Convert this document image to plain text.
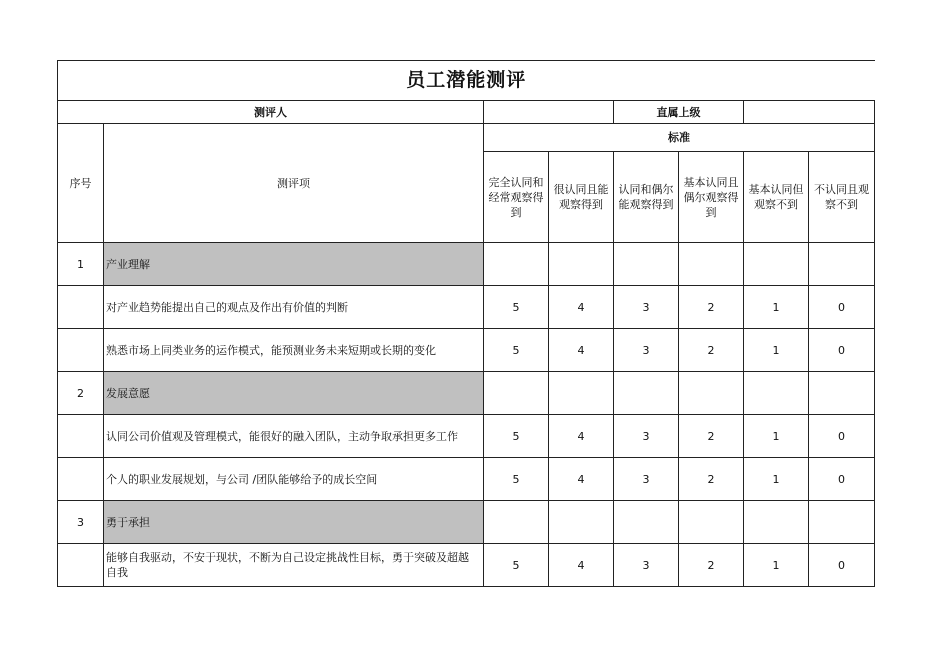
员工潜能测评							
测评人				直属上级			
序号	测评项	标准					
		完全认同和经常观察得到	很认同且能观察得到	认同和偶尔能观察得到	基本认同且偶尔观察得到	基本认同但观察不到	不认同且观察不到
1	产业理解						
	对产业趋势能提出自己的观点及作出有价值的判断	5	4	3	2	1	0
	熟悉市场上同类业务的运作模式，能预测业务未来短期或长期的变化	5	4	3	2	1	0
2	发展意愿						
	认同公司价值观及管理模式，能很好的融入团队，主动争取承担更多工作	5	4	3	2	1	0
	个人的职业发展规划，与公司 /团队能够给予的成长空间	5	4	3	2	1	0
3	勇于承担						
	能够自我驱动，不安于现状，不断为自己设定挑战性目标，勇于突破及超越自我	5	4	3	2	1	0
